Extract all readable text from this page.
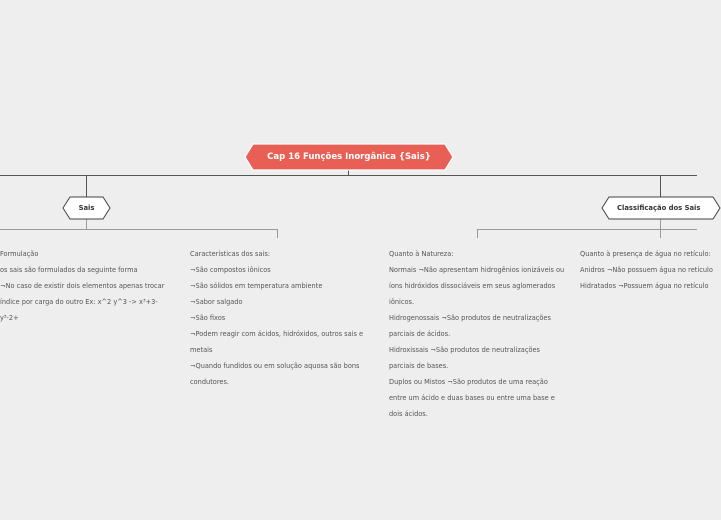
Cap 16 Funções Inorgânica {Sais}
Sais	Classificação dos Sais

Formulação

os sais são formulados da seguinte forma

¬No caso de existir dois elementos apenas trocar

índice por carga do outro Ex: x^2 y^3 -> x³+3-

y³-2+

Características dos sais:

¬São compostos iônicos

¬São sólidos em temperatura ambiente

¬Sabor salgado

¬São fixos

¬Podem reagir com ácidos, hidróxidos, outros sais e

metais

¬Quando fundidos ou em solução aquosa são bons

condutores.

Quanto à Natureza:

Normais ¬Não apresentam hidrogênios ionizáveis ou

íons hidróxidos dissociáveis em seus aglomerados

iônicos.

Hidrogenossais ¬São produtos de neutralizações

parciais de ácidos.

Hidroxissais ¬São produtos de neutralizações

parciais de bases.

Duplos ou Mistos ¬São produtos de uma reação

entre um ácido e duas bases ou entre uma base e

dois ácidos.

Quanto à presença de água no retículo:

Anidros ¬Não possuem água no retículo

Hidratados ¬Possuem água no retículo
